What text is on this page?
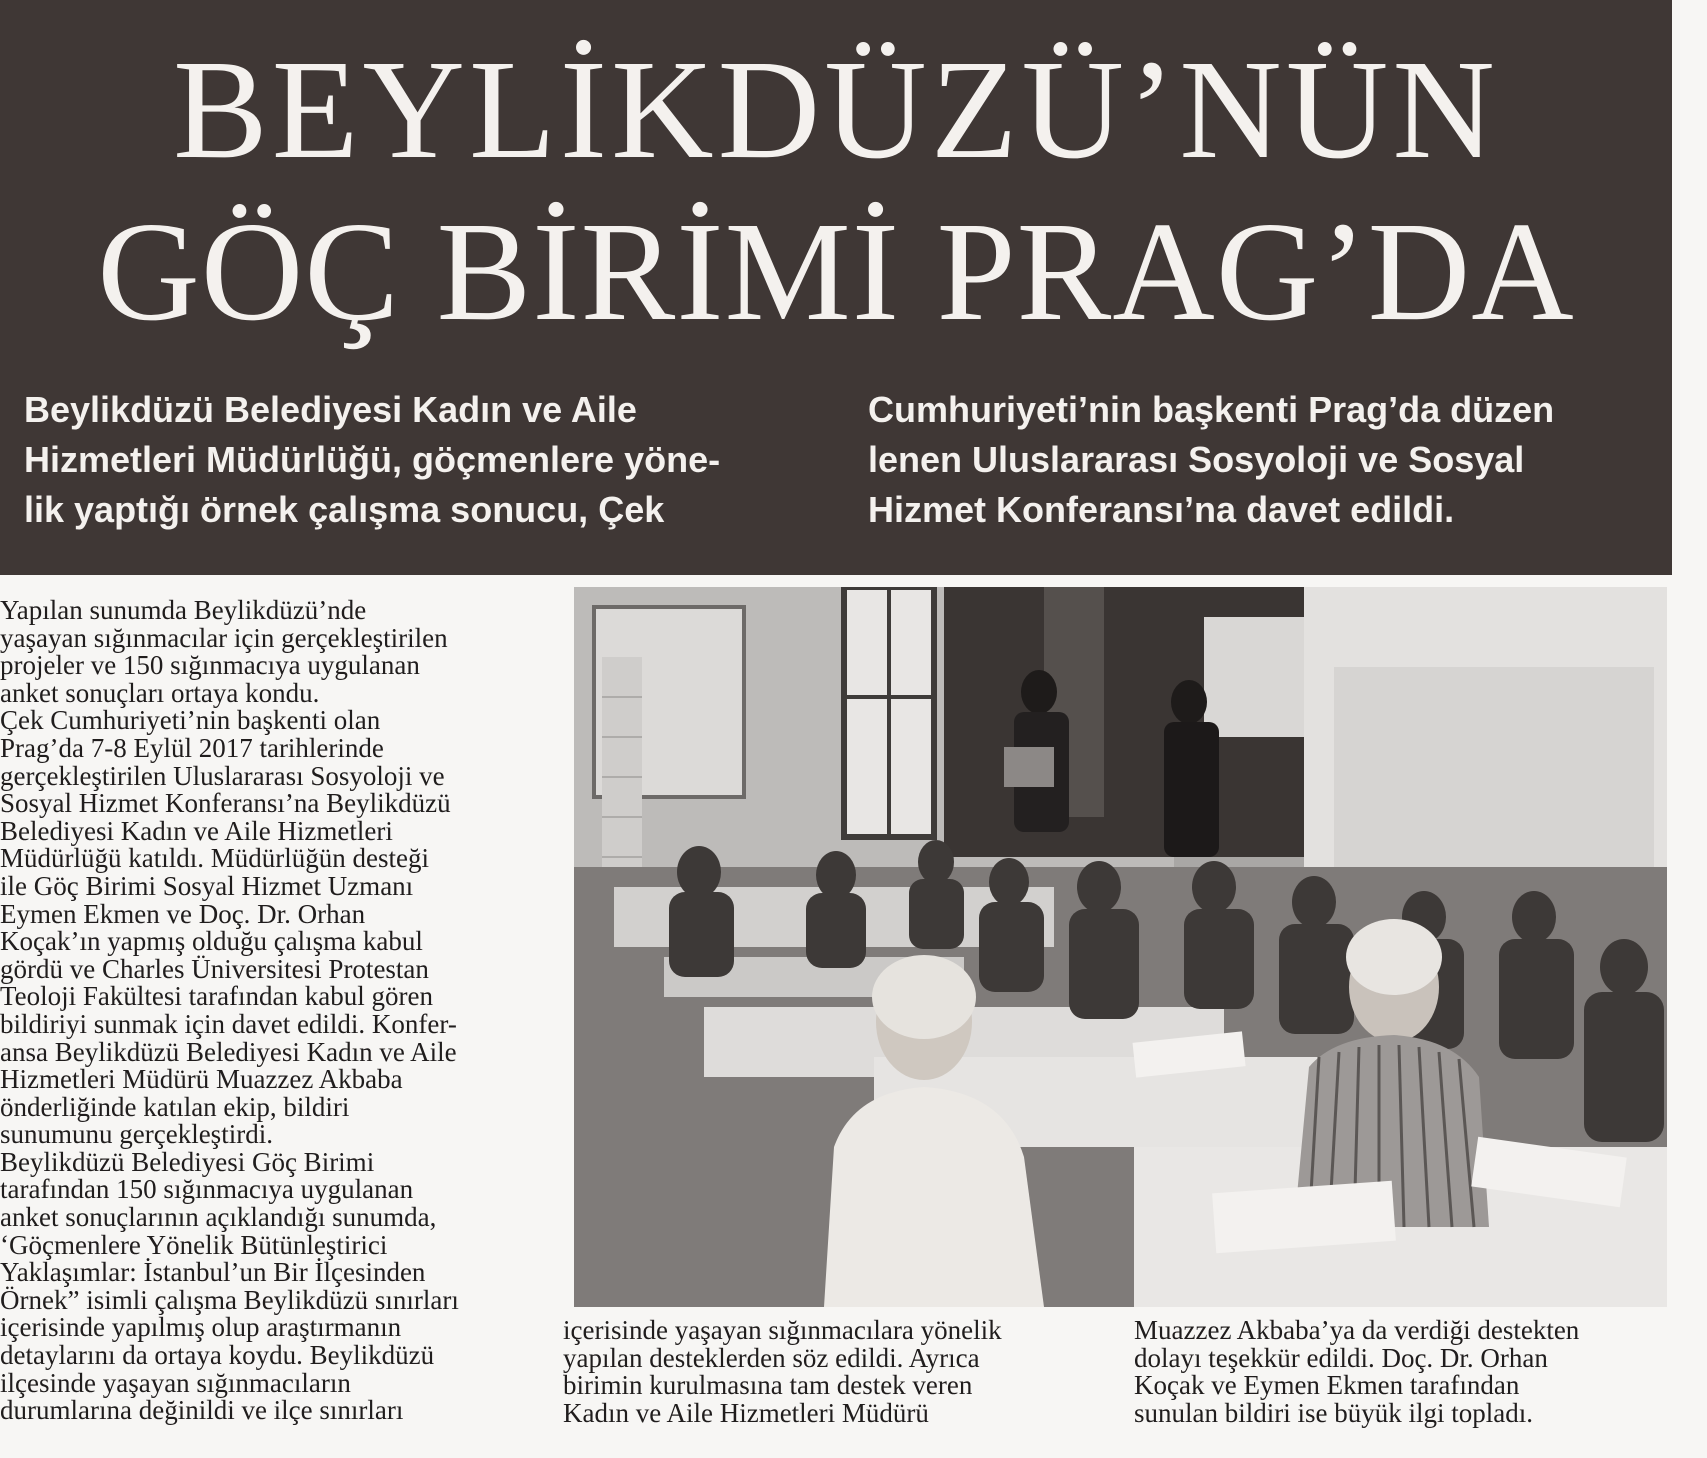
BEYLİKDÜZÜ’NÜN
GÖÇ BİRİMİ PRAG’DA
Beylikdüzü Belediyesi Kadın ve Aile
Hizmetleri Müdürlüğü, göçmenlere yöne-
lik yaptığı örnek çalışma sonucu, Çek
Cumhuriyeti’nin başkenti Prag’da düzen
lenen Uluslararası Sosyoloji ve Sosyal
Hizmet Konferansı’na davet edildi.
Yapılan sunumda Beylikdüzü’nde
yaşayan sığınmacılar için gerçekleştirilen
projeler ve 150 sığınmacıya uygulanan
anket sonuçları ortaya kondu.
Çek Cumhuriyeti’nin başkenti olan
Prag’da 7-8 Eylül 2017 tarihlerinde
gerçekleştirilen Uluslararası Sosyoloji ve
Sosyal Hizmet Konferansı’na Beylikdüzü
Belediyesi Kadın ve Aile Hizmetleri
Müdürlüğü katıldı. Müdürlüğün desteği
ile Göç Birimi Sosyal Hizmet Uzmanı
Eymen Ekmen ve Doç. Dr. Orhan
Koçak’ın yapmış olduğu çalışma kabul
gördü ve Charles Üniversitesi Protestan
Teoloji Fakültesi tarafından kabul gören
bildiriyi sunmak için davet edildi. Konfer-
ansa Beylikdüzü Belediyesi Kadın ve Aile
Hizmetleri Müdürü Muazzez Akbaba
önderliğinde katılan ekip, bildiri
sunumunu gerçekleştirdi.
Beylikdüzü Belediyesi Göç Birimi
tarafından 150 sığınmacıya uygulanan
anket sonuçlarının açıklandığı sunumda,
‘Göçmenlere Yönelik Bütünleştirici
Yaklaşımlar: İstanbul’un Bir İlçesinden
Örnek” isimli çalışma Beylikdüzü sınırları
içerisinde yapılmış olup araştırmanın
detaylarını da ortaya koydu. Beylikdüzü
ilçesinde yaşayan sığınmacıların
durumlarına değinildi ve ilçe sınırları
içerisinde yaşayan sığınmacılara yönelik
yapılan desteklerden söz edildi. Ayrıca
birimin kurulmasına tam destek veren
Kadın ve Aile Hizmetleri Müdürü
Muazzez Akbaba’ya da verdiği destekten
dolayı teşekkür edildi. Doç. Dr. Orhan
Koçak ve Eymen Ekmen tarafından
sunulan bildiri ise büyük ilgi topladı.
